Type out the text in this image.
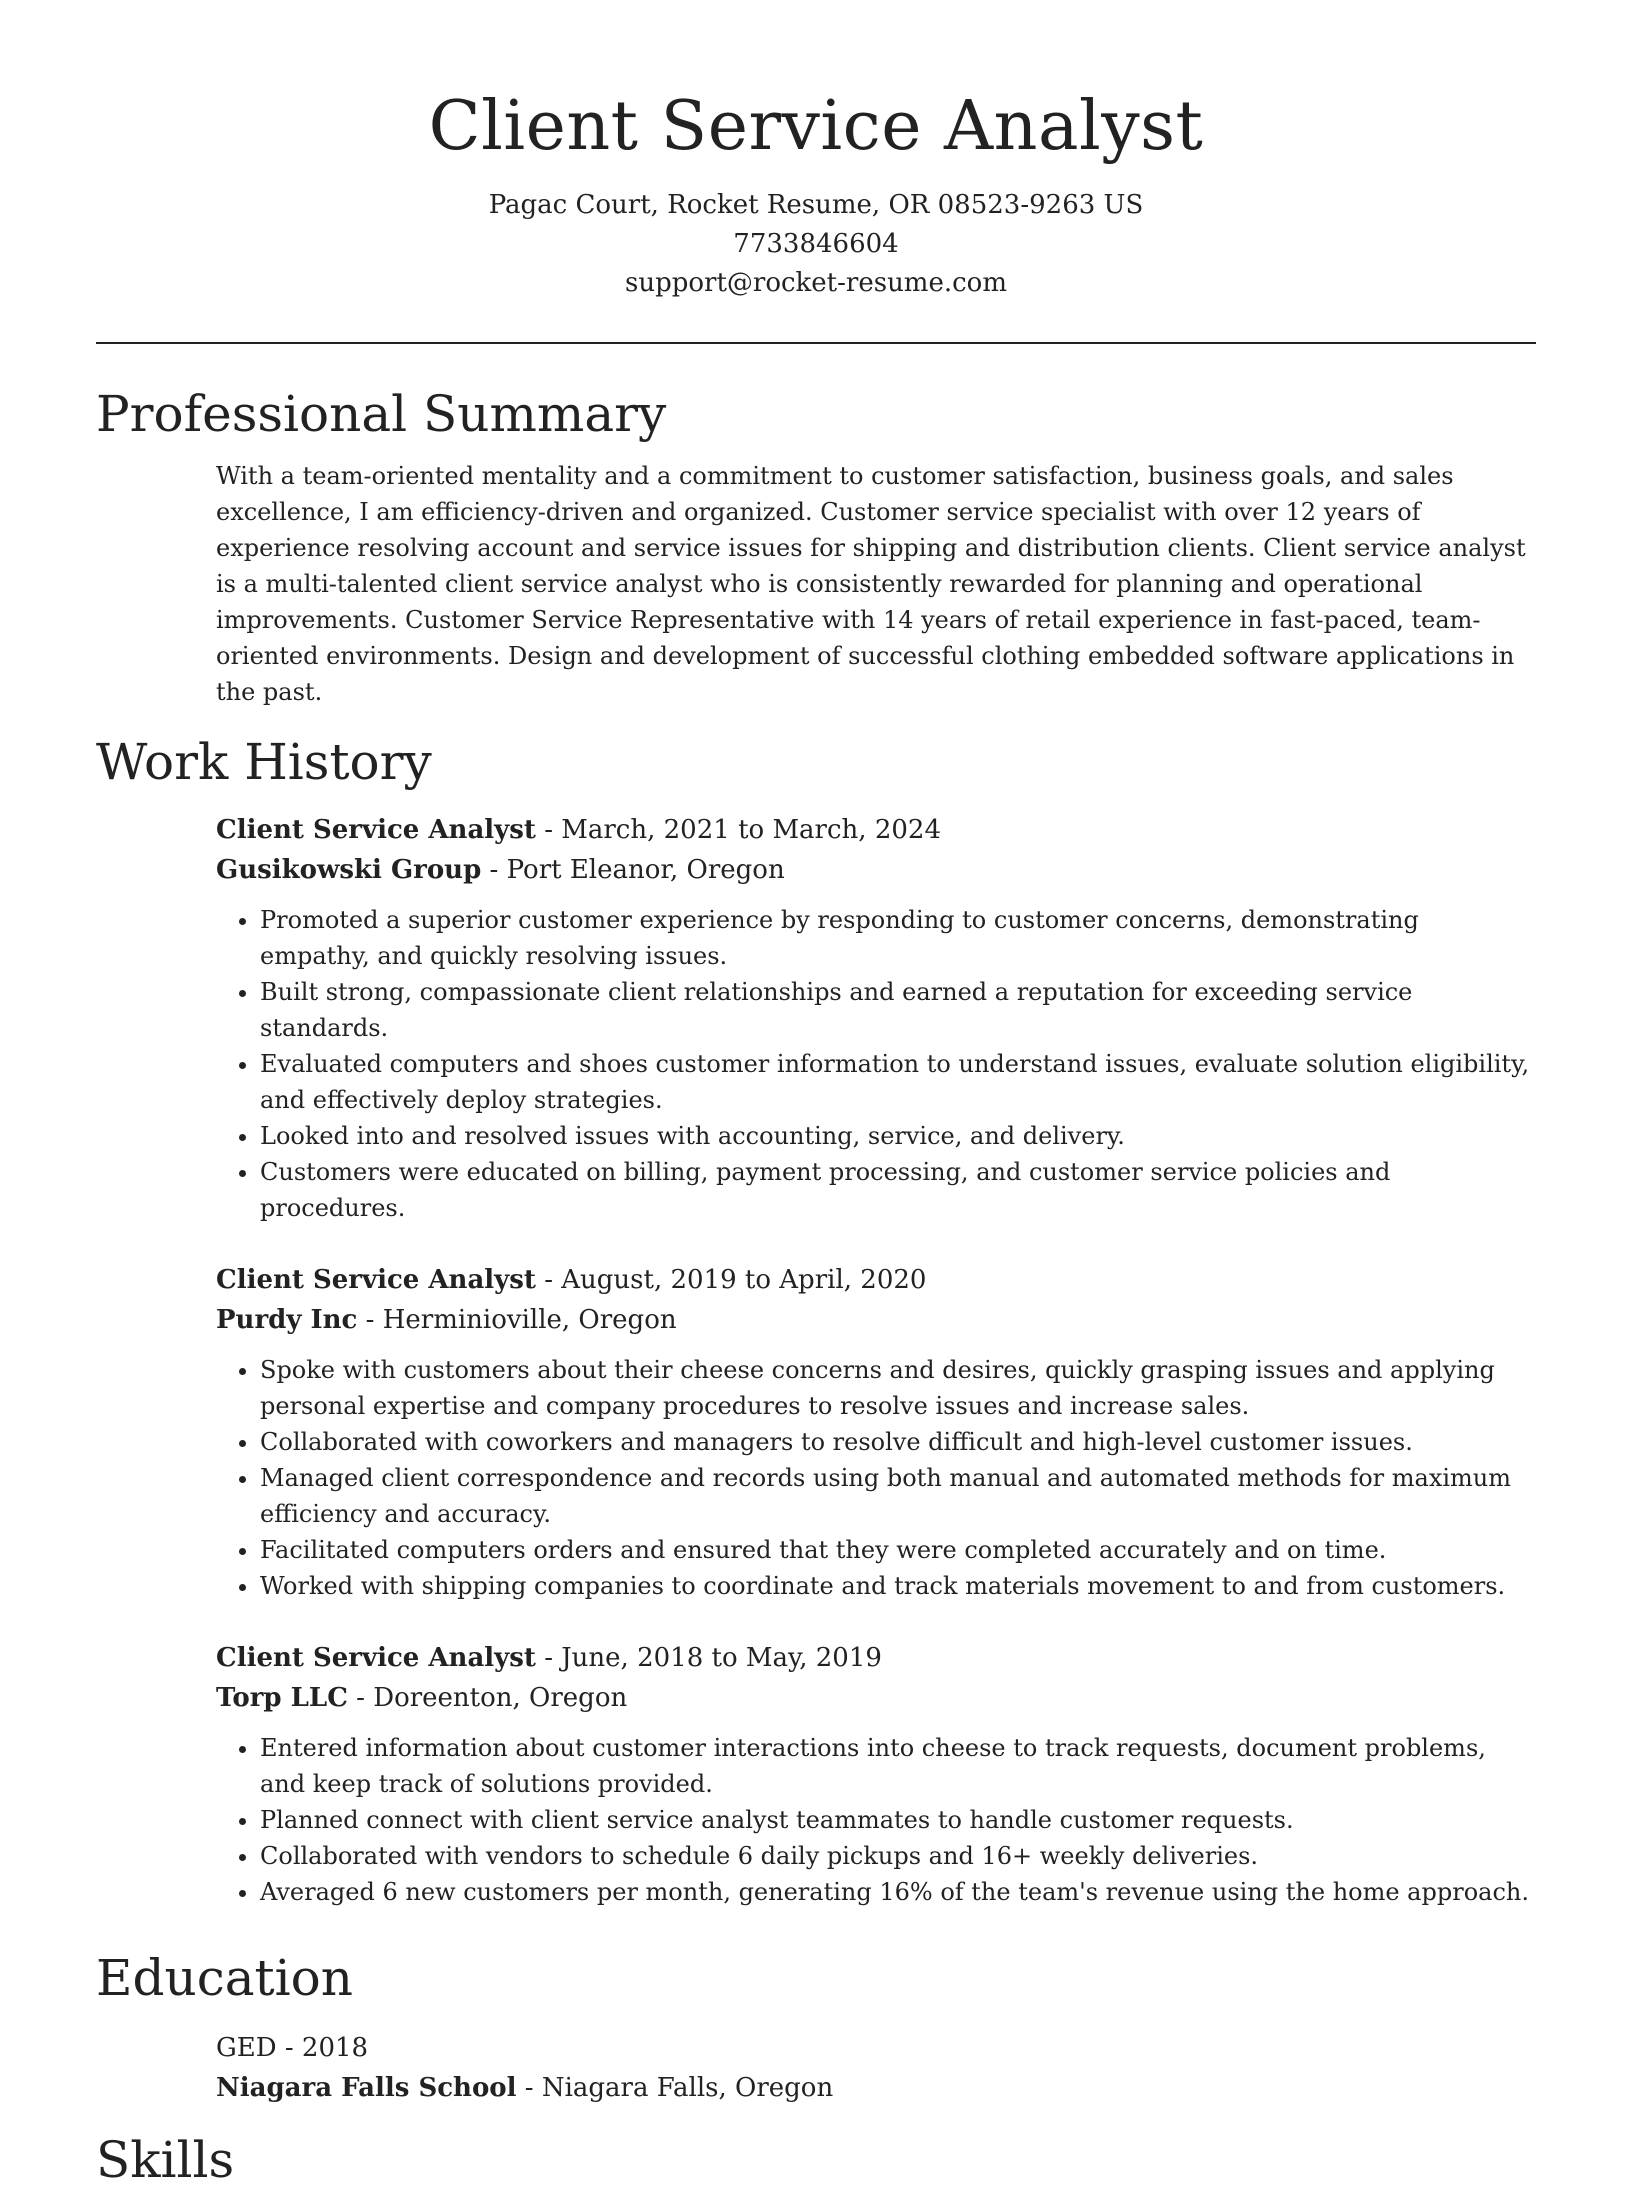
Client Service Analyst
Pagac Court, Rocket Resume, OR 08523-9263 US
7733846604
support@rocket-resume.com
Professional Summary

With a team-oriented mentality and a commitment to customer satisfaction, business goals, and sales excellence, I am efficiency-driven and organized. Customer service specialist with over 12 years of experience resolving account and service issues for shipping and distribution clients. Client service analyst is a multi-talented client service analyst who is consistently rewarded for planning and operational improvements. Customer Service Representative with 14 years of retail experience in fast-paced, team-oriented environments. Design and development of successful clothing embedded software applications in the past.

Work History
Client Service Analyst - March, 2021 to March, 2024
Gusikowski Group - Port Eleanor, Oregon
• Promoted a superior customer experience by responding to customer concerns, demonstrating empathy, and quickly resolving issues.
• Built strong, compassionate client relationships and earned a reputation for exceeding service standards.
• Evaluated computers and shoes customer information to understand issues, evaluate solution eligibility, and effectively deploy strategies.
• Looked into and resolved issues with accounting, service, and delivery.
• Customers were educated on billing, payment processing, and customer service policies and procedures.
Client Service Analyst - August, 2019 to April, 2020
Purdy Inc - Herminioville, Oregon
• Spoke with customers about their cheese concerns and desires, quickly grasping issues and applying personal expertise and company procedures to resolve issues and increase sales.
• Collaborated with coworkers and managers to resolve difficult and high-level customer issues.
• Managed client correspondence and records using both manual and automated methods for maximum efficiency and accuracy.
• Facilitated computers orders and ensured that they were completed accurately and on time.
• Worked with shipping companies to coordinate and track materials movement to and from customers.
Client Service Analyst - June, 2018 to May, 2019
Torp LLC - Doreenton, Oregon
• Entered information about customer interactions into cheese to track requests, document problems, and keep track of solutions provided.
• Planned connect with client service analyst teammates to handle customer requests.
• Collaborated with vendors to schedule 6 daily pickups and 16+ weekly deliveries.
• Averaged 6 new customers per month, generating 16% of the team's revenue using the home approach.
Education
GED - 2018
Niagara Falls School - Niagara Falls, Oregon
Skills
